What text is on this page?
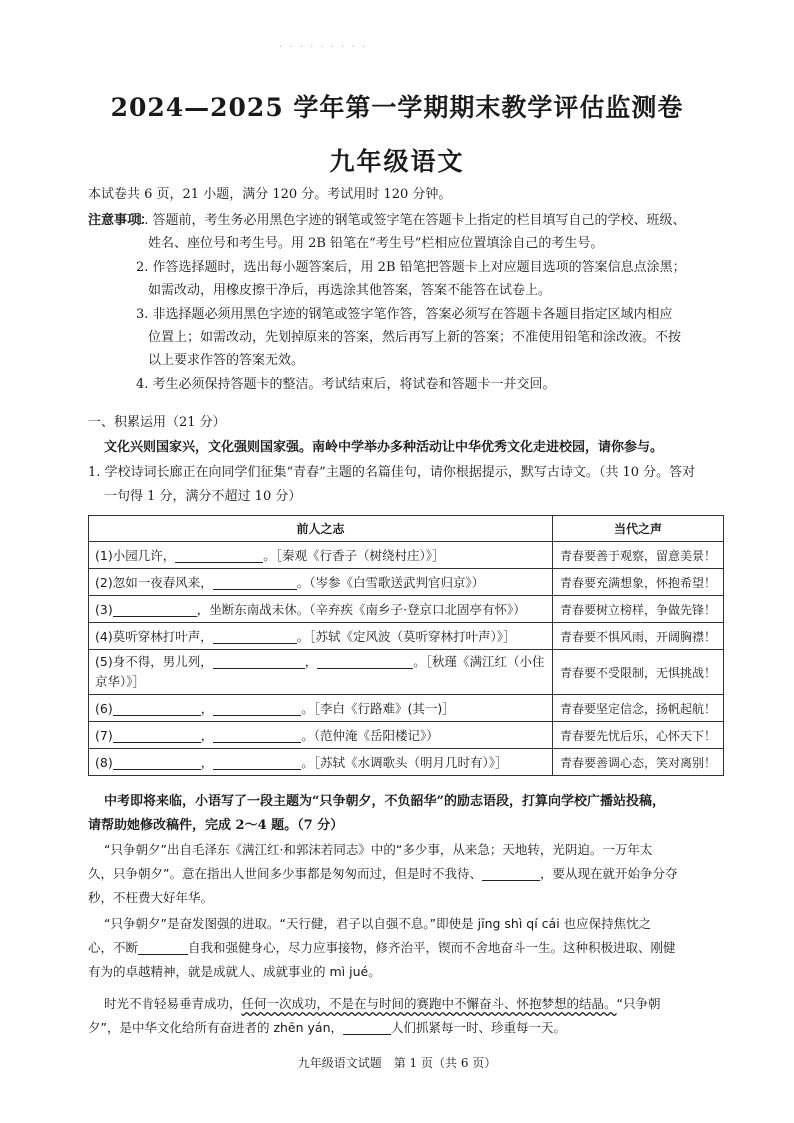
· · · · · · · · ·
2024—2025 学年第一学期期末教学评估监测卷
九年级语文
本试卷共 6 页，21 小题，满分 120 分。考试用时 120 分钟。
注意事项：
1. 答题前，考生务必用黑色字迹的钢笔或签字笔在答题卡上指定的栏目填写自己的学校、班级、
姓名、座位号和考生号。用 2B 铅笔在“考生号”栏相应位置填涂自己的考生号。
2. 作答选择题时，选出每小题答案后，用 2B 铅笔把答题卡上对应题目选项的答案信息点涂黑；
如需改动，用橡皮擦干净后，再选涂其他答案，答案不能答在试卷上。
3. 非选择题必须用黑色字迹的钢笔或签字笔作答，答案必须写在答题卡各题目指定区域内相应
位置上；如需改动，先划掉原来的答案，然后再写上新的答案；不准使用铅笔和涂改液。不按
以上要求作答的答案无效。
4. 考生必须保持答题卡的整洁。考试结束后，将试卷和答题卡一并交回。
一、积累运用（21 分）
文化兴则国家兴，文化强则国家强。南岭中学举办多种活动让中华优秀文化走进校园，请你参与。
1. 学校诗词长廊正在向同学们征集“青春”主题的名篇佳句，请你根据提示，默写古诗文。（共 10 分。答对
一句得 1 分，满分不超过 10 分）
前人之志	当代之声
(1)小园几许， 。［秦观《行香子（树绕村庄）》］	青春要善于观察，留意美景！
(2)忽如一夜春风来， 。（岑参《白雪歌送武判官归京》）	青春要充满想象，怀抱希望！
(3) ，坐断东南战未休。（辛弃疾《南乡子·登京口北固亭有怀》）	青春要树立榜样，争做先锋！
(4)莫听穿林打叶声， 。［苏轼《定风波（莫听穿林打叶声）》］	青春要不惧风雨，开阔胸襟！
(5)身不得，男儿列， ， 。［秋瑾《满江红（小住
京华）》］	青春要不受限制，无惧挑战！
(6) ， 。［李白《行路难》(其一)］	青春要坚定信念，扬帆起航！
(7) ， 。（范仲淹《岳阳楼记》）	青春要先忧后乐，心怀天下！
(8) ， 。［苏轼《水调歌头（明月几时有）》］	青春要善调心态，笑对离别！
中考即将来临，小语写了一段主题为“只争朝夕，不负韶华”的励志语段，打算向学校广播站投稿，
请帮助她修改稿件，完成 2～4 题。（7 分）
“只争朝夕”出自毛泽东《满江红·和郭沫若同志》中的“多少事，从来急；天地转，光阴迫。一万年太
久，只争朝夕”。意在指出人世间多少事都是匆匆而过，但是时不我待、	，要从现在就开始争分夺
秒，不枉费大好年华。
“只争朝夕”是奋发图强的进取。“天行健，君子以自强不息。”即使是 jīng shì qí cái 也应保持焦忱之
心，不断	自我和强健身心，尽力应事接物，修齐治平，锲而不舍地奋斗一生。这种积极进取、刚健
有为的卓越精神，就是成就人、成就事业的 mì jué。
时光不肯轻易垂青成功，任何一次成功，不是在与时间的赛跑中不懈奋斗、怀抱梦想的结晶。“只争朝
夕”，是中华文化给所有奋进者的 zhēn yán，	人们抓紧每一时、珍重每一天。
九年级语文试题　第 1 页（共 6 页）
